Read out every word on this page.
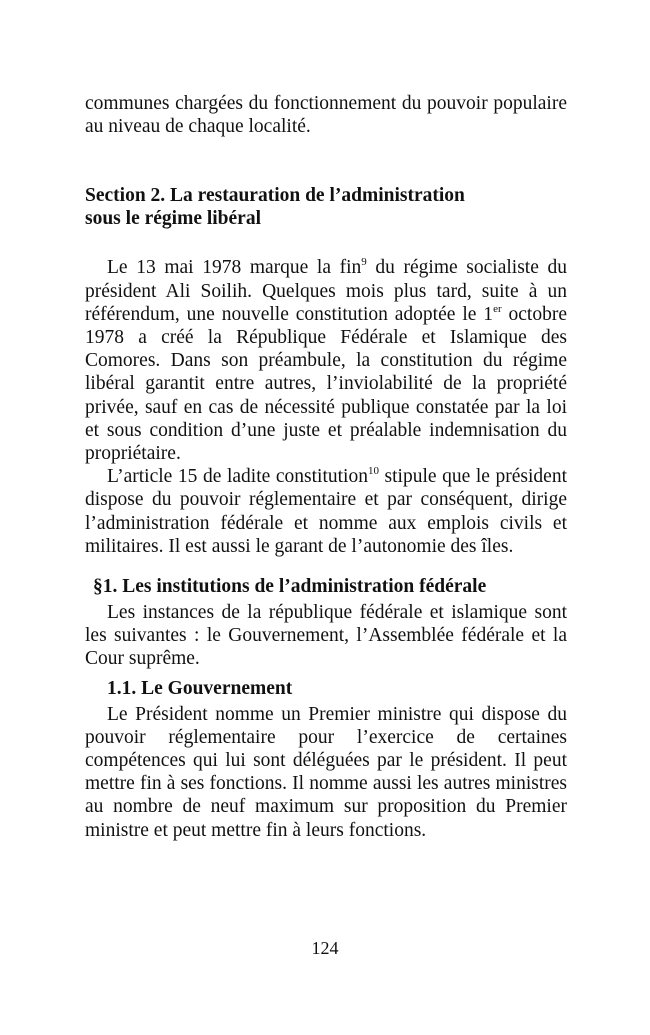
communes chargées du fonctionnement du pouvoir populaire au niveau de chaque localité.

Section 2. La restauration de l’administration
sous le régime libéral

Le 13 mai 1978 marque la fin$^9$ du régime socialiste du président Ali Soilih. Quelques mois plus tard, suite à un référendum, une nouvelle constitution adoptée le 1er octobre 1978 a créé la République Fédérale et Islamique des Comores. Dans son préambule, la constitution du régime libéral garantit entre autres, l’inviolabilité de la propriété privée, sauf en cas de nécessité publique constatée par la loi et sous condition d’une juste et préalable indemnisation du propriétaire.

L’article 15 de ladite constitution$^{10}$ stipule que le président dispose du pouvoir réglementaire et par conséquent, dirige l’administration fédérale et nomme aux emplois civils et militaires. Il est aussi le garant de l’autonomie des îles.

§1. Les institutions de l’administration fédérale

Les instances de la république fédérale et islamique sont les suivantes : le Gouvernement, l’Assemblée fédérale et la Cour suprême.

1.1. Le Gouvernement

Le Président nomme un Premier ministre qui dispose du pouvoir réglementaire pour l’exercice de certaines compétences qui lui sont déléguées par le président. Il peut mettre fin à ses fonctions. Il nomme aussi les autres ministres au nombre de neuf maximum sur proposition du Premier ministre et peut mettre fin à leurs fonctions.

124
